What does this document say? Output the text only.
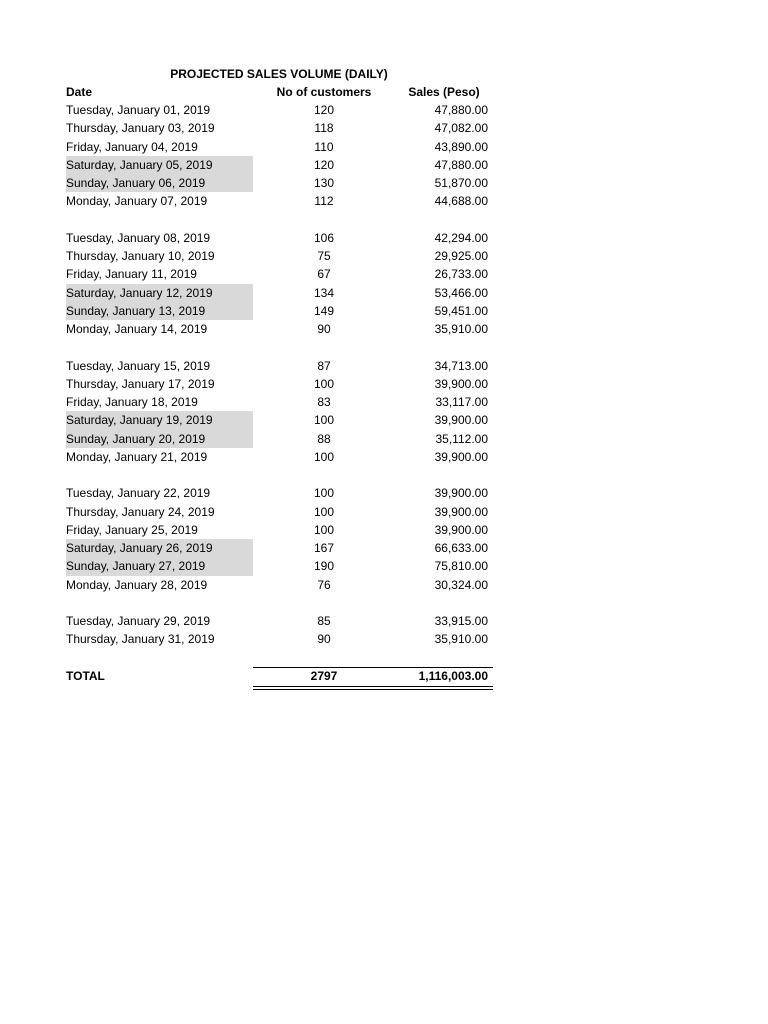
PROJECTED SALES VOLUME (DAILY)
Date	No of customers	Sales (Peso)
Tuesday, January 01, 2019	120	47,880.00
Thursday, January 03, 2019	118	47,082.00
Friday, January 04, 2019	110	43,890.00
Saturday, January 05, 2019	120	47,880.00
Sunday, January 06, 2019	130	51,870.00
Monday, January 07, 2019	112	44,688.00
Tuesday, January 08, 2019	106	42,294.00
Thursday, January 10, 2019	75	29,925.00
Friday, January 11, 2019	67	26,733.00
Saturday, January 12, 2019	134	53,466.00
Sunday, January 13, 2019	149	59,451.00
Monday, January 14, 2019	90	35,910.00
Tuesday, January 15, 2019	87	34,713.00
Thursday, January 17, 2019	100	39,900.00
Friday, January 18, 2019	83	33,117.00
Saturday, January 19, 2019	100	39,900.00
Sunday, January 20, 2019	88	35,112.00
Monday, January 21, 2019	100	39,900.00
Tuesday, January 22, 2019	100	39,900.00
Thursday, January 24, 2019	100	39,900.00
Friday, January 25, 2019	100	39,900.00
Saturday, January 26, 2019	167	66,633.00
Sunday, January 27, 2019	190	75,810.00
Monday, January 28, 2019	76	30,324.00
Tuesday, January 29, 2019	85	33,915.00
Thursday, January 31, 2019	90	35,910.00
TOTAL	2797	1,116,003.00
